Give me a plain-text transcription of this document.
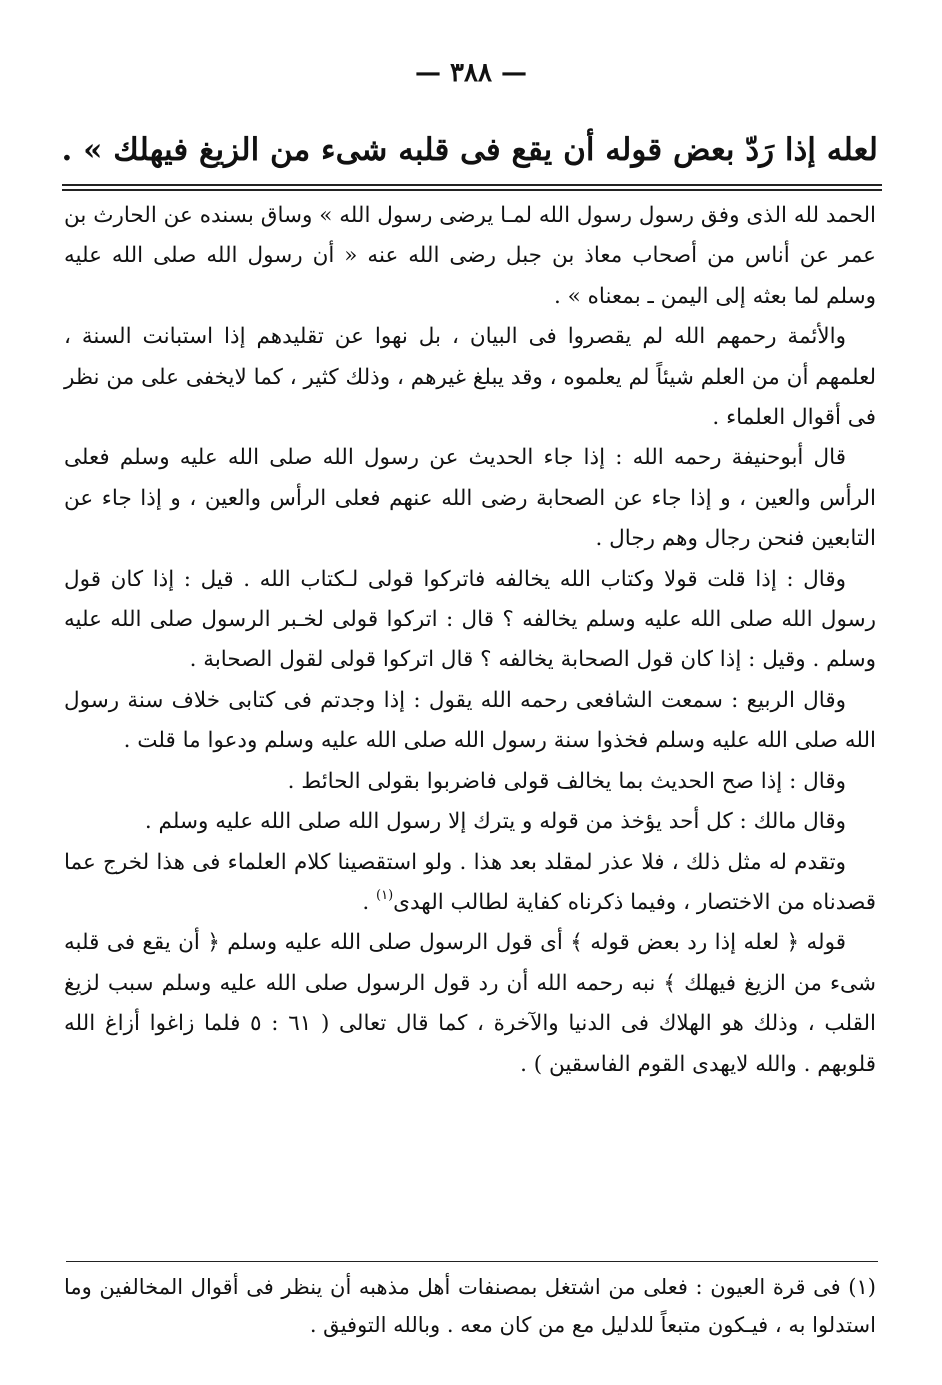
— ٣٨٨ —
لعله إذا رَدّ بعض قوله أن يقع فى قلبه شىء من الزيغ فيهلك » .

الحمد لله الذى وفق رسول رسول الله لمـا يرضى رسول الله » وساق بسنده عن الحارث بن عمر عن أناس من أصحاب معاذ بن جبل رضى الله عنه « أن رسول الله صلى الله عليه وسلم لما بعثه إلى اليمن ـ بمعناه » .

والأئمة رحمهم الله لم يقصروا فى البيان ، بل نهوا عن تقليدهم إذا استبانت السنة ، لعلمهم أن من العلم شيئاً لم يعلموه ، وقد يبلغ غيرهم ، وذلك كثير ، كما لايخفى على من نظر فى أقوال العلماء .

قال أبوحنيفة رحمه الله : إذا جاء الحديث عن رسول الله صلى الله عليه وسلم فعلى الرأس والعين ، و إذا جاء عن الصحابة رضى الله عنهم فعلى الرأس والعين ، و إذا جاء عن التابعين فنحن رجال وهم رجال .

وقال : إذا قلت قولا وكتاب الله يخالفه فاتركوا قولى لـكتاب الله . قيل : إذا كان قول رسول الله صلى الله عليه وسلم يخالفه ؟ قال : اتركوا قولى لخـبر الرسول صلى الله عليه وسلم . وقيل : إذا كان قول الصحابة يخالفه ؟ قال اتركوا قولى لقول الصحابة .

وقال الربيع : سمعت الشافعى رحمه الله يقول : إذا وجدتم فى كتابى خلاف سنة رسول الله صلى الله عليه وسلم فخذوا سنة رسول الله صلى الله عليه وسلم ودعوا ما قلت .

وقال : إذا صح الحديث بما يخالف قولى فاضربوا بقولى الحائط .

وقال مالك : كل أحد يؤخذ من قوله و يترك إلا رسول الله صلى الله عليه وسلم .

وتقدم له مثل ذلك ، فلا عذر لمقلد بعد هذا . ولو استقصينا كلام العلماء فى هذا لخرج عما قصدناه من الاختصار ، وفيما ذكرناه كفاية لطالب الهدى$^{(١)}$ .

قوله ﴿ لعله إذا رد بعض قوله ﴾ أى قول الرسول صلى الله عليه وسلم ﴿ أن يقع فى قلبه شىء من الزيغ فيهلك ﴾ نبه رحمه الله أن رد قول الرسول صلى الله عليه وسلم سبب لزيغ القلب ، وذلك هو الهلاك فى الدنيا والآخرة ، كما قال تعالى ( ٦١ : ٥ فلما زاغوا أزاغ الله قلوبهم . والله لايهدى القوم الفاسقين ) .

(١) فى قرة العيون : فعلى من اشتغل بمصنفات أهل مذهبه أن ينظر فى أقوال المخالفين وما استدلوا به ، فيـكون متبعاً للدليل مع من كان معه . وبالله التوفيق .
